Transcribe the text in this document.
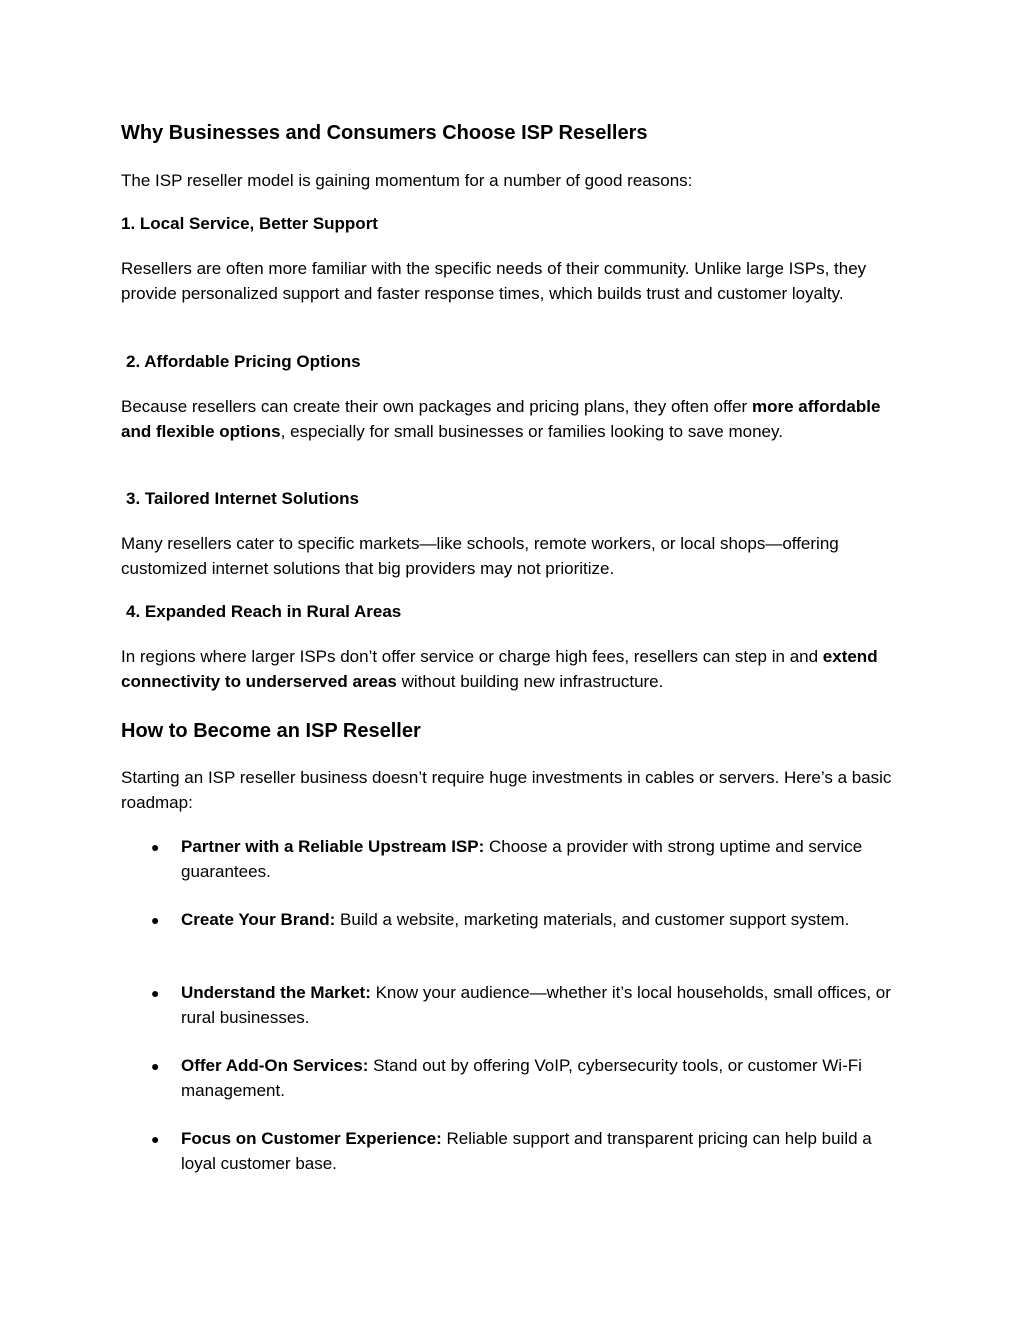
Why Businesses and Consumers Choose ISP Resellers

The ISP reseller model is gaining momentum for a number of good reasons:

1. Local Service, Better Support

Resellers are often more familiar with the specific needs of their community. Unlike large ISPs, they provide personalized support and faster response times, which builds trust and customer loyalty.

2. Affordable Pricing Options

Because resellers can create their own packages and pricing plans, they often offer more affordable and flexible options, especially for small businesses or families looking to save money.

3. Tailored Internet Solutions

Many resellers cater to specific markets—like schools, remote workers, or local shops—offering customized internet solutions that big providers may not prioritize.

4. Expanded Reach in Rural Areas

In regions where larger ISPs don’t offer service or charge high fees, resellers can step in and extend connectivity to underserved areas without building new infrastructure.

How to Become an ISP Reseller

Starting an ISP reseller business doesn’t require huge investments in cables or servers. Here’s a basic roadmap:

● Partner with a Reliable Upstream ISP: Choose a provider with strong uptime and service guarantees.
● Create Your Brand: Build a website, marketing materials, and customer support system.
● Understand the Market: Know your audience—whether it’s local households, small offices, or rural businesses.
● Offer Add-On Services: Stand out by offering VoIP, cybersecurity tools, or customer Wi-Fi management.
● Focus on Customer Experience: Reliable support and transparent pricing can help build a loyal customer base.
